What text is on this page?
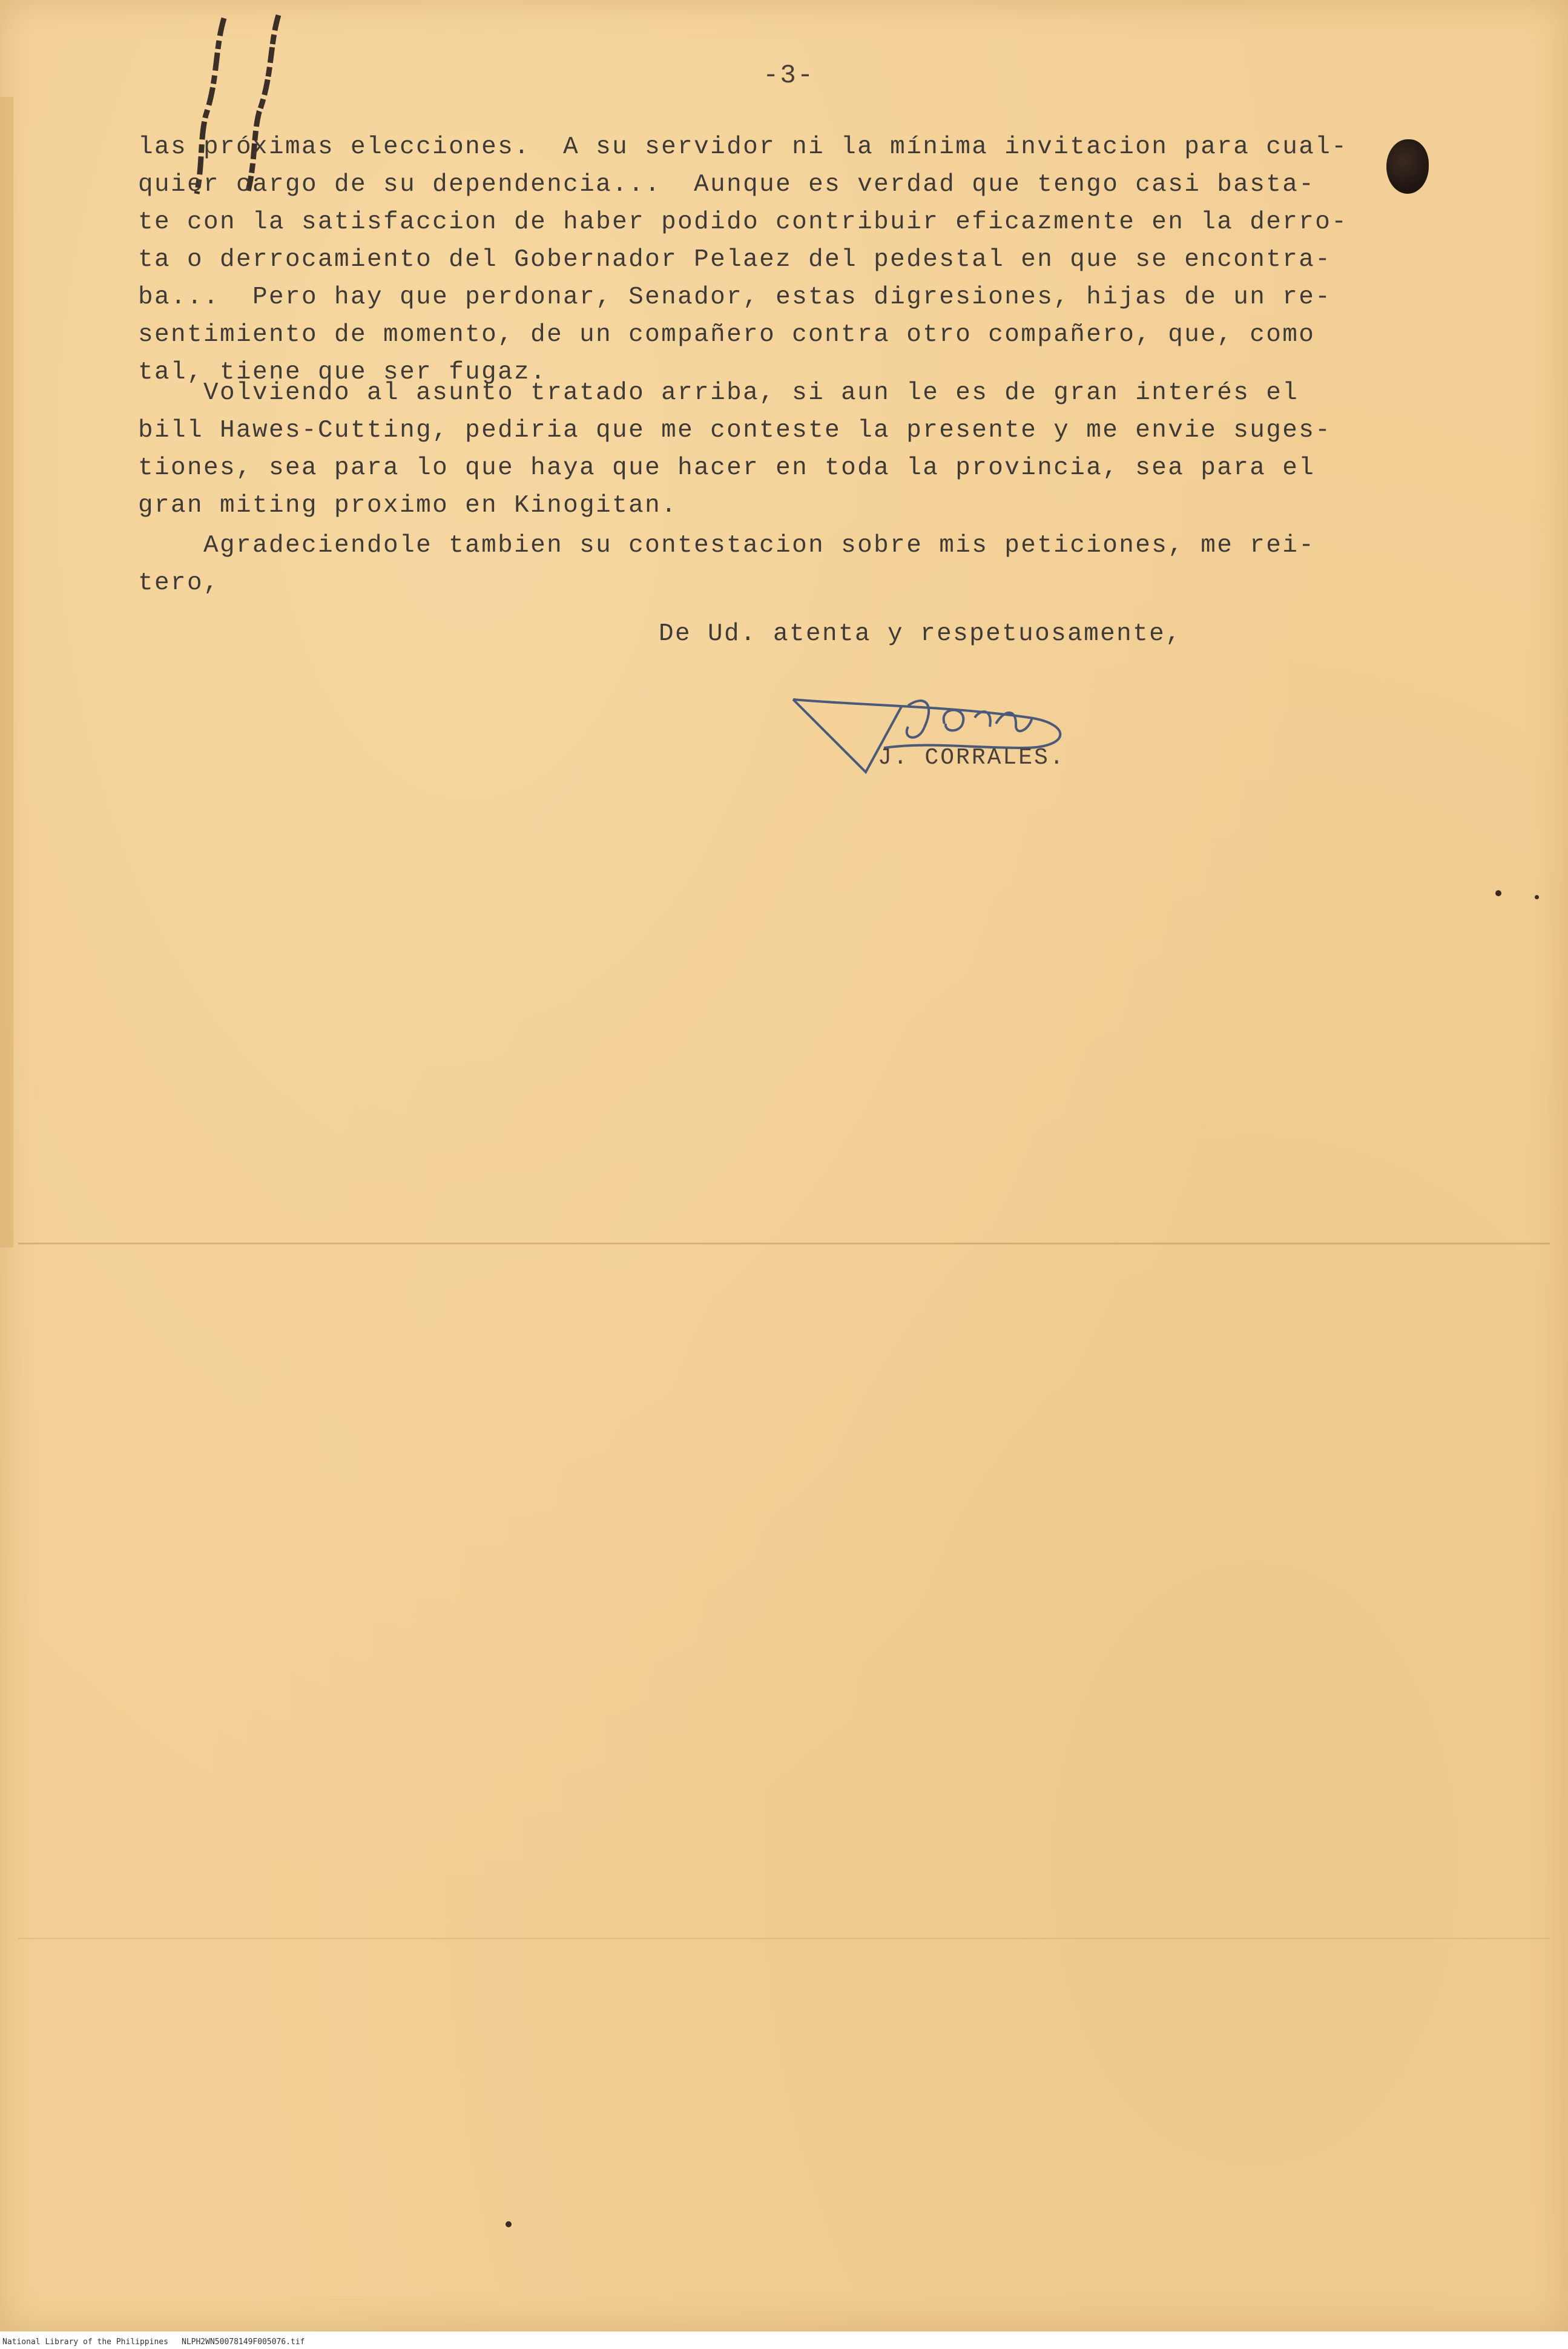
-3-
las próximas elecciones.  A su servidor ni la mínima invitacion para cual-
quier cargo de su dependencia...  Aunque es verdad que tengo casi basta-
te con la satisfaccion de haber podido contribuir eficazmente en la derro-
ta o derrocamiento del Gobernador Pelaez del pedestal en que se encontra-
ba...  Pero hay que perdonar, Senador, estas digresiones, hijas de un re-
sentimiento de momento, de un compañero contra otro compañero, que, como
tal, tiene que ser fugaz.
Volviendo al asunto tratado arriba, si aun le es de gran interés el
bill Hawes-Cutting, pediria que me conteste la presente y me envie suges-
tiones, sea para lo que haya que hacer en toda la provincia, sea para el
gran miting proximo en Kinogitan.
Agradeciendole tambien su contestacion sobre mis peticiones, me rei-
tero,
De Ud. atenta y respetuosamente,
J. CORRALES.
National Library of the Philippines NLPH2WN50078149F005076.tif
